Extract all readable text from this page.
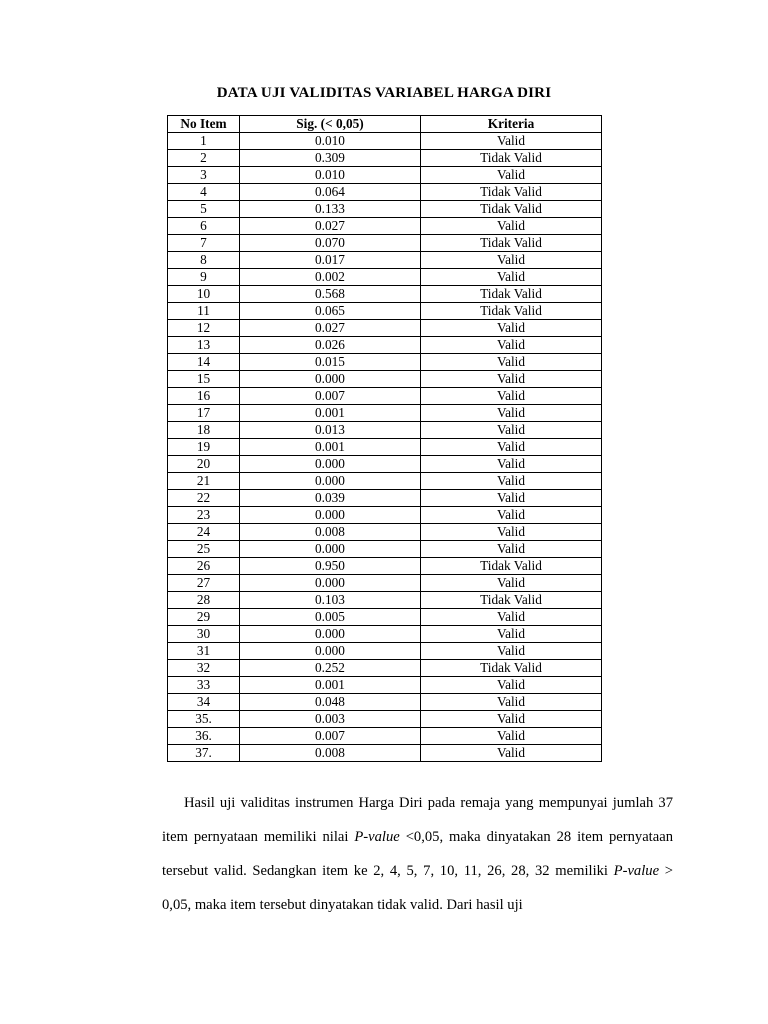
DATA UJI VALIDITAS VARIABEL HARGA DIRI
No Item	Sig. (< 0,05)	Kriteria
1	0.010	Valid
2	0.309	Tidak Valid
3	0.010	Valid
4	0.064	Tidak Valid
5	0.133	Tidak Valid
6	0.027	Valid
7	0.070	Tidak Valid
8	0.017	Valid
9	0.002	Valid
10	0.568	Tidak Valid
11	0.065	Tidak Valid
12	0.027	Valid
13	0.026	Valid
14	0.015	Valid
15	0.000	Valid
16	0.007	Valid
17	0.001	Valid
18	0.013	Valid
19	0.001	Valid
20	0.000	Valid
21	0.000	Valid
22	0.039	Valid
23	0.000	Valid
24	0.008	Valid
25	0.000	Valid
26	0.950	Tidak Valid
27	0.000	Valid
28	0.103	Tidak Valid
29	0.005	Valid
30	0.000	Valid
31	0.000	Valid
32	0.252	Tidak Valid
33	0.001	Valid
34	0.048	Valid
35.	0.003	Valid
36.	0.007	Valid
37.	0.008	Valid

Hasil uji validitas instrumen Harga Diri pada remaja yang mempunyai jumlah 37 item pernyataan memiliki nilai P-value <0,05, maka dinyatakan 28 item pernyataan tersebut valid. Sedangkan item ke 2, 4, 5, 7, 10, 11, 26, 28, 32 memiliki P-value > 0,05, maka item tersebut dinyatakan tidak valid. Dari hasil uji
